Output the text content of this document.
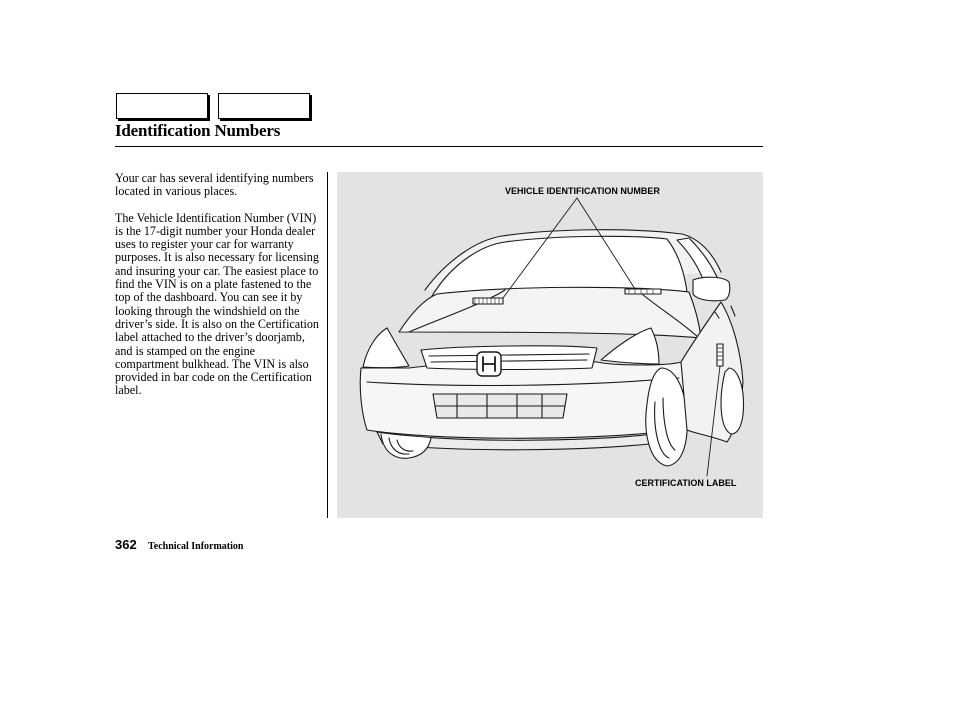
Identification Numbers

Your car has several identifying numbers located in various places.

The Vehicle Identification Number (VIN) is the 17-digit number your Honda dealer uses to register your car for warranty purposes. It is also necessary for licensing and insuring your car. The easiest place to find the VIN is on a plate fastened to the top of the dashboard. You can see it by looking through the windshield on the driver’s side. It is also on the Certification label attached to the driver’s doorjamb, and is stamped on the engine compartment bulkhead. The VIN is also provided in bar code on the Certification label.

VEHICLE IDENTIFICATION NUMBER
CERTIFICATION LABEL
362 Technical Information
